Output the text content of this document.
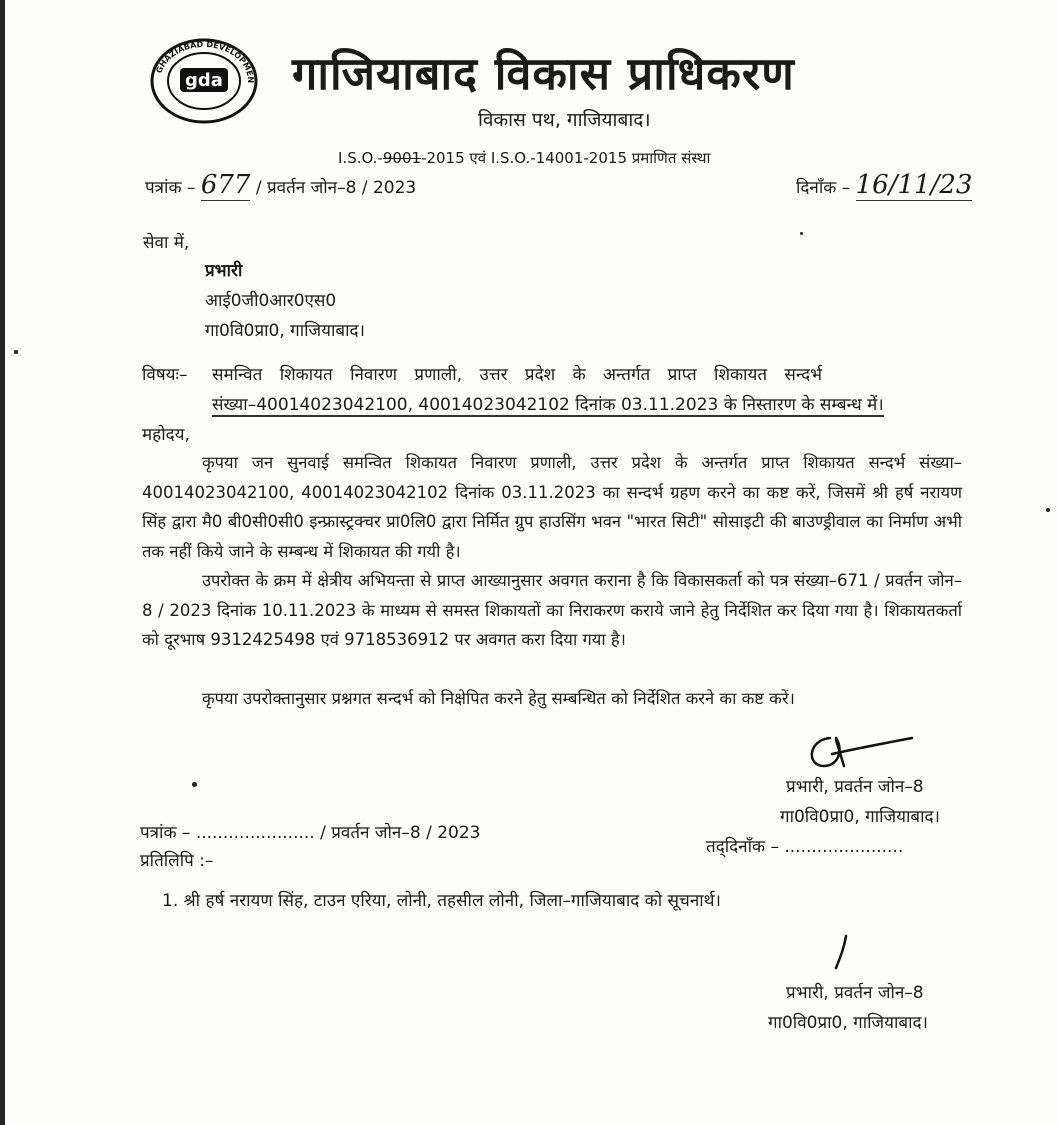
GHAZIABAD DEVELOPMEN
gda गाजियाबाद विकास प्राधिकरण
विकास पथ, गाजियाबाद।
I.S.O.-9001-2015 एवं I.S.O.-14001-2015 प्रमाणित संस्था
पत्रांक – 677 / प्रवर्तन जोन–8 / 2023	दिनाँक – 16/11/23
सेवा में,
प्रभारी
आई0जी0आर0एस0
गा0वि0प्रा0, गाजियाबाद।
विषयः– समन्वित शिकायत निवारण प्रणाली, उत्तर प्रदेश के अन्तर्गत प्राप्त शिकायत सन्दर्भ
संख्या–40014023042100, 40014023042102 दिनांक 03.11.2023 के निस्तारण के सम्बन्ध में।
महोदय,
कृपया जन सुनवाई समन्वित शिकायत निवारण प्रणाली, उत्तर प्रदेश के अन्तर्गत प्राप्त शिकायत सन्दर्भ संख्या–40014023042100, 40014023042102 दिनांक 03.11.2023 का सन्दर्भ ग्रहण करने का कष्ट करें, जिसमें श्री हर्ष नरायण सिंह द्वारा मै0 बी0सी0सी0 इन्फ्रास्ट्रक्चर प्रा0लि0 द्वारा निर्मित ग्रुप हाउसिंग भवन "भारत सिटी" सोसाइटी की बाउण्ड्रीवाल का निर्माण अभी तक नहीं किये जाने के सम्बन्ध में शिकायत की गयी है।
उपरोक्त के क्रम में क्षेत्रीय अभियन्ता से प्राप्त आख्यानुसार अवगत कराना है कि विकासकर्ता को पत्र संख्या–671 / प्रवर्तन जोन–8 / 2023 दिनांक 10.11.2023 के माध्यम से समस्त शिकायतों का निराकरण कराये जाने हेतु निर्देशित कर दिया गया है। शिकायतकर्ता को दूरभाष 9312425498 एवं 9718536912 पर अवगत करा दिया गया है।
कृपया उपरोक्तानुसार प्रश्नगत सन्दर्भ को निक्षेपित करने हेतु सम्बन्धित को निर्देशित करने का कष्ट करें।
प्रभारी, प्रवर्तन जोन–8
गा0वि0प्रा0, गाजियाबाद।
पत्रांक – ...................... / प्रवर्तन जोन–8 / 2023
तद्‌दिनाँक – ......................
प्रतिलिपि :–
1. श्री हर्ष नरायण सिंह, टाउन एरिया, लोनी, तहसील लोनी, जिला–गाजियाबाद को सूचनार्थ।
प्रभारी, प्रवर्तन जोन–8
गा0वि0प्रा0, गाजियाबाद।
